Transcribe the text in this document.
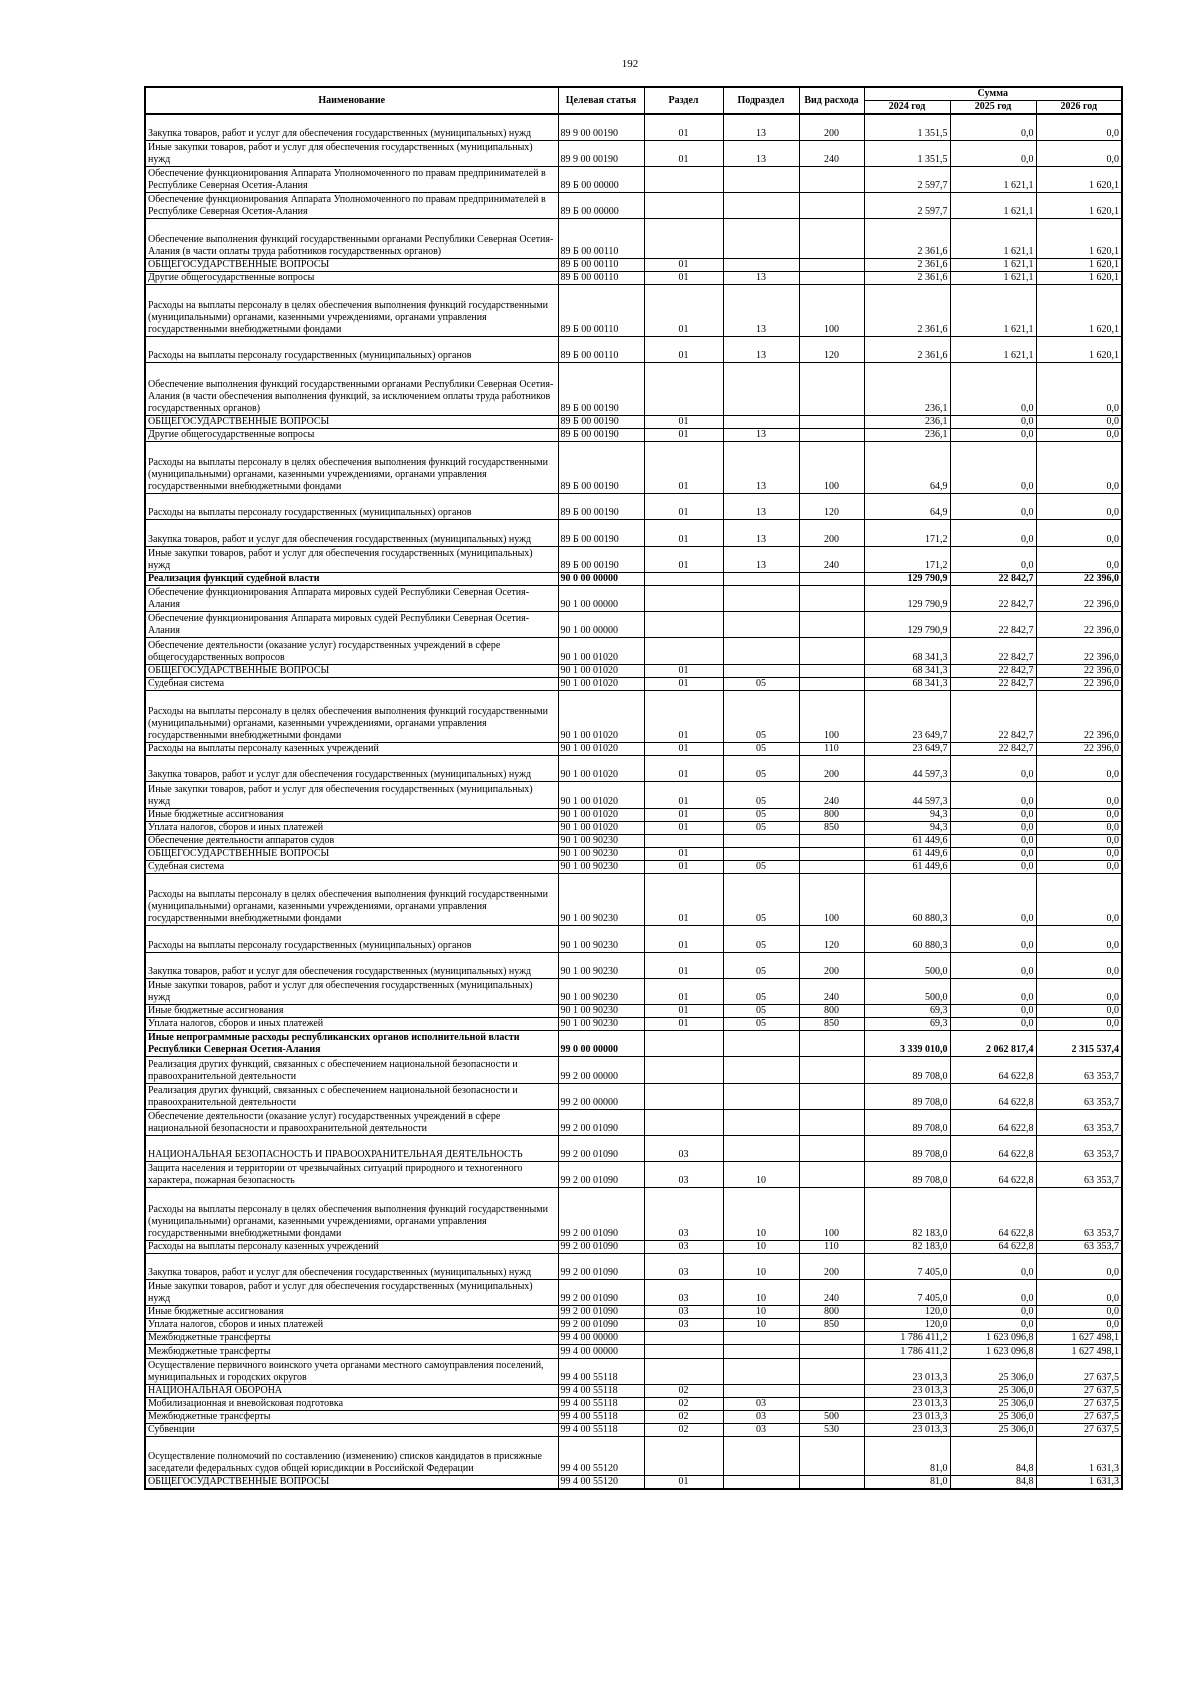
192
Наименование	Целевая статья	Раздел	Подраздел	Вид расхода	Сумма		
					2024 год	2025 год	2026 год
Закупка товаров, работ и услуг для обеспечения государственных (муниципальных) нужд	89 9 00 00190	01	13	200	1 351,5	0,0	0,0
Иные закупки товаров, работ и услуг для обеспечения государственных (муниципальных) нужд	89 9 00 00190	01	13	240	1 351,5	0,0	0,0
Обеспечение функционирования Аппарата Уполномоченного по правам предпринимателей в Республике Северная Осетия-Алания	89 Б 00 00000				2 597,7	1 621,1	1 620,1
Обеспечение функционирования Аппарата Уполномоченного по правам предпринимателей в Республике Северная Осетия-Алания	89 Б 00 00000				2 597,7	1 621,1	1 620,1
Обеспечение выполнения функций государственными органами Республики Северная Осетия-Алания (в части оплаты труда работников государственных органов)	89 Б 00 00110				2 361,6	1 621,1	1 620,1
ОБЩЕГОСУДАРСТВЕННЫЕ ВОПРОСЫ	89 Б 00 00110	01			2 361,6	1 621,1	1 620,1
Другие общегосударственные вопросы	89 Б 00 00110	01	13		2 361,6	1 621,1	1 620,1
Расходы на выплаты персоналу в целях обеспечения выполнения функций государственными (муниципальными) органами, казенными учреждениями, органами управления государственными внебюджетными фондами	89 Б 00 00110	01	13	100	2 361,6	1 621,1	1 620,1
Расходы на выплаты персоналу государственных (муниципальных) органов	89 Б 00 00110	01	13	120	2 361,6	1 621,1	1 620,1
Обеспечение выполнения функций государственными органами Республики Северная Осетия-Алания (в части обеспечения выполнения функций, за исключением оплаты труда работников государственных органов)	89 Б 00 00190				236,1	0,0	0,0
ОБЩЕГОСУДАРСТВЕННЫЕ ВОПРОСЫ	89 Б 00 00190	01			236,1	0,0	0,0
Другие общегосударственные вопросы	89 Б 00 00190	01	13		236,1	0,0	0,0
Расходы на выплаты персоналу в целях обеспечения выполнения функций государственными (муниципальными) органами, казенными учреждениями, органами управления государственными внебюджетными фондами	89 Б 00 00190	01	13	100	64,9	0,0	0,0
Расходы на выплаты персоналу государственных (муниципальных) органов	89 Б 00 00190	01	13	120	64,9	0,0	0,0
Закупка товаров, работ и услуг для обеспечения государственных (муниципальных) нужд	89 Б 00 00190	01	13	200	171,2	0,0	0,0
Иные закупки товаров, работ и услуг для обеспечения государственных (муниципальных) нужд	89 Б 00 00190	01	13	240	171,2	0,0	0,0
Реализация функций судебной власти	90 0 00 00000				129 790,9	22 842,7	22 396,0
Обеспечение функционирования Аппарата мировых судей Республики Северная Осетия-Алания	90 1 00 00000				129 790,9	22 842,7	22 396,0
Обеспечение функционирования Аппарата мировых судей Республики Северная Осетия-Алания	90 1 00 00000				129 790,9	22 842,7	22 396,0
Обеспечение деятельности (оказание услуг) государственных учреждений в сфере общегосударственных вопросов	90 1 00 01020				68 341,3	22 842,7	22 396,0
ОБЩЕГОСУДАРСТВЕННЫЕ ВОПРОСЫ	90 1 00 01020	01			68 341,3	22 842,7	22 396,0
Судебная система	90 1 00 01020	01	05		68 341,3	22 842,7	22 396,0
Расходы на выплаты персоналу в целях обеспечения выполнения функций государственными (муниципальными) органами, казенными учреждениями, органами управления государственными внебюджетными фондами	90 1 00 01020	01	05	100	23 649,7	22 842,7	22 396,0
Расходы на выплаты персоналу казенных учреждений	90 1 00 01020	01	05	110	23 649,7	22 842,7	22 396,0
Закупка товаров, работ и услуг для обеспечения государственных (муниципальных) нужд	90 1 00 01020	01	05	200	44 597,3	0,0	0,0
Иные закупки товаров, работ и услуг для обеспечения государственных (муниципальных) нужд	90 1 00 01020	01	05	240	44 597,3	0,0	0,0
Иные бюджетные ассигнования	90 1 00 01020	01	05	800	94,3	0,0	0,0
Уплата налогов, сборов и иных платежей	90 1 00 01020	01	05	850	94,3	0,0	0,0
Обеспечение деятельности аппаратов судов	90 1 00 90230				61 449,6	0,0	0,0
ОБЩЕГОСУДАРСТВЕННЫЕ ВОПРОСЫ	90 1 00 90230	01			61 449,6	0,0	0,0
Судебная система	90 1 00 90230	01	05		61 449,6	0,0	0,0
Расходы на выплаты персоналу в целях обеспечения выполнения функций государственными (муниципальными) органами, казенными учреждениями, органами управления государственными внебюджетными фондами	90 1 00 90230	01	05	100	60 880,3	0,0	0,0
Расходы на выплаты персоналу государственных (муниципальных) органов	90 1 00 90230	01	05	120	60 880,3	0,0	0,0
Закупка товаров, работ и услуг для обеспечения государственных (муниципальных) нужд	90 1 00 90230	01	05	200	500,0	0,0	0,0
Иные закупки товаров, работ и услуг для обеспечения государственных (муниципальных) нужд	90 1 00 90230	01	05	240	500,0	0,0	0,0
Иные бюджетные ассигнования	90 1 00 90230	01	05	800	69,3	0,0	0,0
Уплата налогов, сборов и иных платежей	90 1 00 90230	01	05	850	69,3	0,0	0,0
Иные непрограммные расходы республиканских органов исполнительной власти Республики Северная Осетия-Алания	99 0 00 00000				3 339 010,0	2 062 817,4	2 315 537,4
Реализация других функций, связанных с обеспечением национальной безопасности и правоохранительной деятельности	99 2 00 00000				89 708,0	64 622,8	63 353,7
Реализация других функций, связанных с обеспечением национальной безопасности и правоохранительной деятельности	99 2 00 00000				89 708,0	64 622,8	63 353,7
Обеспечение деятельности (оказание услуг) государственных учреждений в сфере национальной безопасности и правоохранительной деятельности	99 2 00 01090				89 708,0	64 622,8	63 353,7
НАЦИОНАЛЬНАЯ БЕЗОПАСНОСТЬ И ПРАВООХРАНИТЕЛЬНАЯ ДЕЯТЕЛЬНОСТЬ	99 2 00 01090	03			89 708,0	64 622,8	63 353,7
Защита населения и территории от чрезвычайных ситуаций природного и техногенного характера, пожарная безопасность	99 2 00 01090	03	10		89 708,0	64 622,8	63 353,7
Расходы на выплаты персоналу в целях обеспечения выполнения функций государственными (муниципальными) органами, казенными учреждениями, органами управления государственными внебюджетными фондами	99 2 00 01090	03	10	100	82 183,0	64 622,8	63 353,7
Расходы на выплаты персоналу казенных учреждений	99 2 00 01090	03	10	110	82 183,0	64 622,8	63 353,7
Закупка товаров, работ и услуг для обеспечения государственных (муниципальных) нужд	99 2 00 01090	03	10	200	7 405,0	0,0	0,0
Иные закупки товаров, работ и услуг для обеспечения государственных (муниципальных) нужд	99 2 00 01090	03	10	240	7 405,0	0,0	0,0
Иные бюджетные ассигнования	99 2 00 01090	03	10	800	120,0	0,0	0,0
Уплата налогов, сборов и иных платежей	99 2 00 01090	03	10	850	120,0	0,0	0,0
Межбюджетные трансферты	99 4 00 00000				1 786 411,2	1 623 096,8	1 627 498,1
Межбюджетные трансферты	99 4 00 00000				1 786 411,2	1 623 096,8	1 627 498,1
Осуществление первичного воинского учета органами местного самоуправления поселений, муниципальных и городских округов	99 4 00 55118				23 013,3	25 306,0	27 637,5
НАЦИОНАЛЬНАЯ ОБОРОНА	99 4 00 55118	02			23 013,3	25 306,0	27 637,5
Мобилизационная и вневойсковая подготовка	99 4 00 55118	02	03		23 013,3	25 306,0	27 637,5
Межбюджетные трансферты	99 4 00 55118	02	03	500	23 013,3	25 306,0	27 637,5
Субвенции	99 4 00 55118	02	03	530	23 013,3	25 306,0	27 637,5
Осуществление полномочий по составлению (изменению) списков кандидатов в присяжные заседатели федеральных судов общей юрисдикции в Российской Федерации	99 4 00 55120				81,0	84,8	1 631,3
ОБЩЕГОСУДАРСТВЕННЫЕ ВОПРОСЫ	99 4 00 55120	01			81,0	84,8	1 631,3
